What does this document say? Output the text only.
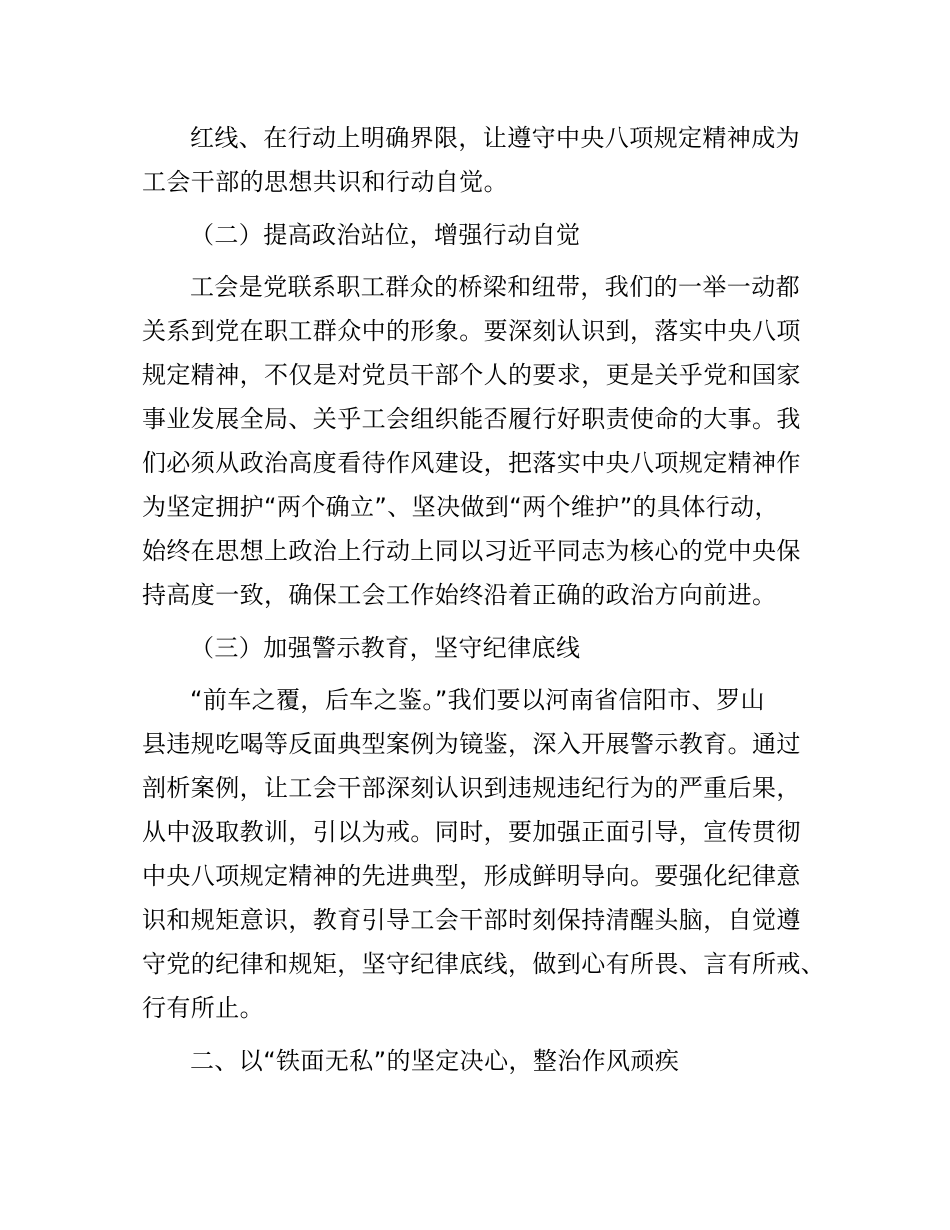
红线、在行动上明确界限，让遵守中央八项规定精神成为
工会干部的思想共识和行动自觉。
（二）提高政治站位，增强行动自觉
工会是党联系职工群众的桥梁和纽带，我们的一举一动都
关系到党在职工群众中的形象。要深刻认识到，落实中央八项
规定精神，不仅是对党员干部个人的要求，更是关乎党和国家
事业发展全局、关乎工会组织能否履行好职责使命的大事。我
们必须从政治高度看待作风建设，把落实中央八项规定精神作
为坚定拥护“两个确立”、坚决做到“两个维护”的具体行动，
始终在思想上政治上行动上同以习近平同志为核心的党中央保
持高度一致，确保工会工作始终沿着正确的政治方向前进。
（三）加强警示教育，坚守纪律底线
“前车之覆，后车之鉴。”我们要以河南省信阳市、罗山
县违规吃喝等反面典型案例为镜鉴，深入开展警示教育。通过
剖析案例，让工会干部深刻认识到违规违纪行为的严重后果，
从中汲取教训，引以为戒。同时，要加强正面引导，宣传贯彻
中央八项规定精神的先进典型，形成鲜明导向。要强化纪律意
识和规矩意识，教育引导工会干部时刻保持清醒头脑，自觉遵
守党的纪律和规矩，坚守纪律底线，做到心有所畏、言有所戒、
行有所止。
二、以“铁面无私”的坚定决心，整治作风顽疾
